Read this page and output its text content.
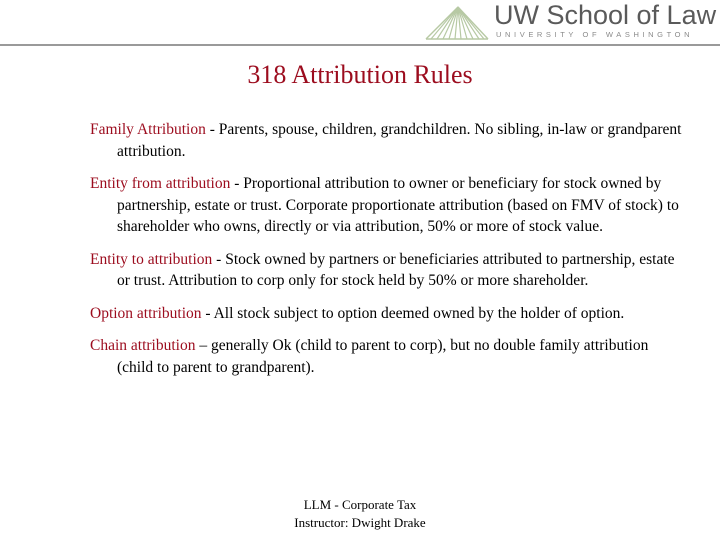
UW School of Law
UNIVERSITY OF WASHINGTON
318 Attribution Rules
Family Attribution - Parents, spouse, children, grandchildren. No sibling, in-law or grandparent attribution.
Entity from attribution - Proportional attribution to owner or beneficiary for stock owned by partnership, estate or trust. Corporate proportionate attribution (based on FMV of stock) to shareholder who owns, directly or via attribution, 50% or more of stock value.
Entity to attribution - Stock owned by partners or beneficiaries attributed to partnership, estate or trust. Attribution to corp only for stock held by 50% or more shareholder.
Option attribution - All stock subject to option deemed owned by the holder of option.
Chain attribution – generally Ok (child to parent to corp), but no double family attribution (child to parent to grandparent).
LLM - Corporate Tax
Instructor: Dwight Drake
